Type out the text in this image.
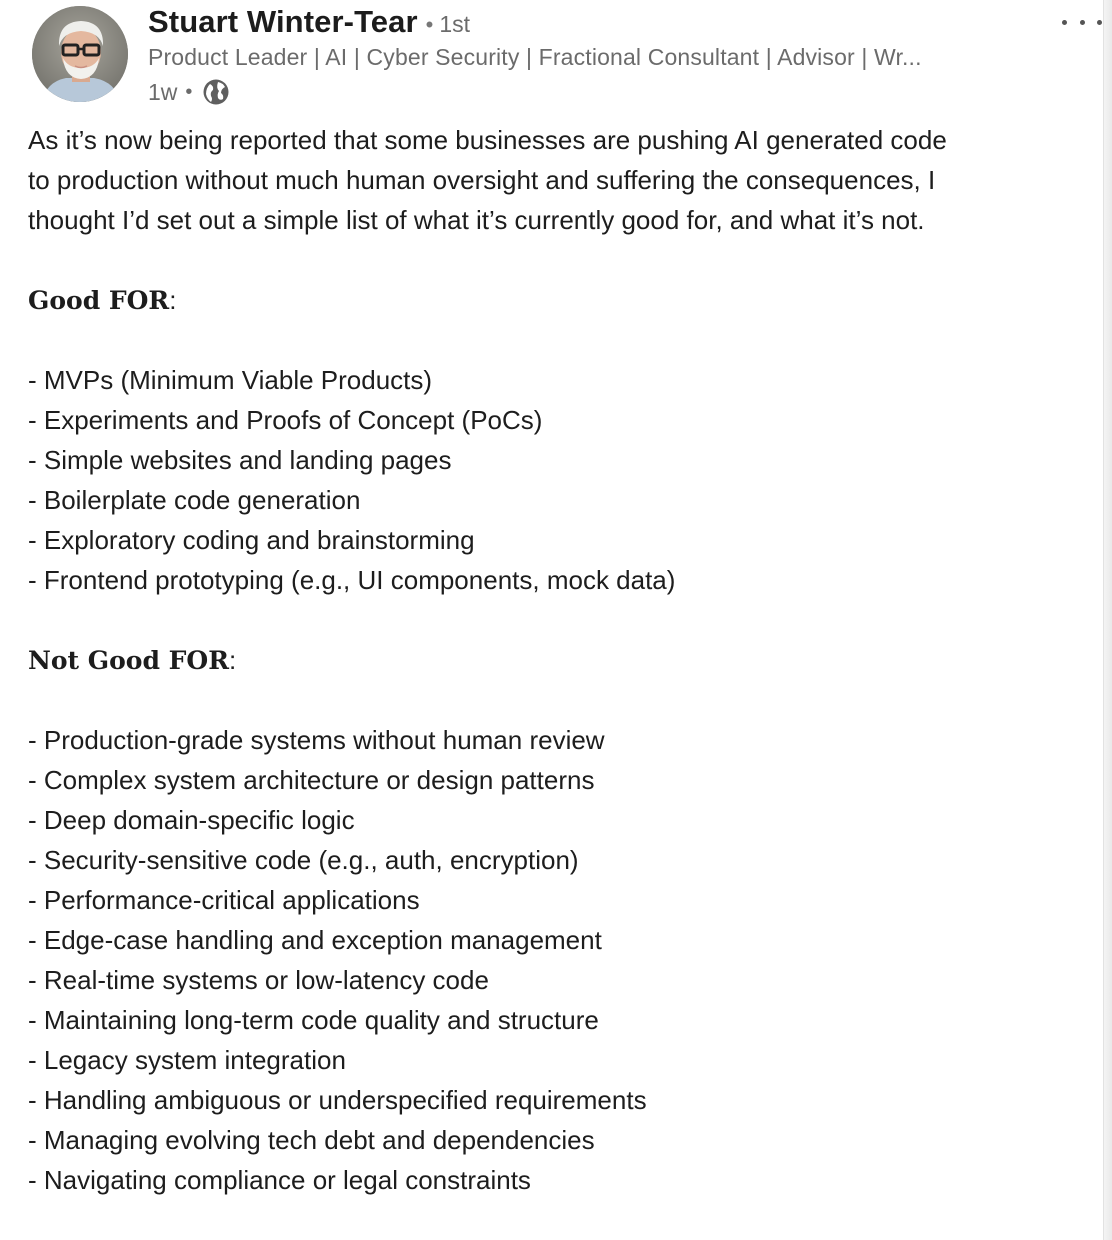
Stuart Winter-Tear • 1st
Product Leader | AI | Cyber Security | Fractional Consultant | Advisor | Wr...
1w •
As it’s now being reported that some businesses are pushing AI generated code
to production without much human oversight and suffering the consequences, I
thought I’d set out a simple list of what it’s currently good for, and what it’s not.
Good FOR:
- MVPs (Minimum Viable Products)
- Experiments and Proofs of Concept (PoCs)
- Simple websites and landing pages
- Boilerplate code generation
- Exploratory coding and brainstorming
- Frontend prototyping (e.g., UI components, mock data)
Not Good FOR:
- Production-grade systems without human review
- Complex system architecture or design patterns
- Deep domain-specific logic
- Security-sensitive code (e.g., auth, encryption)
- Performance-critical applications
- Edge-case handling and exception management
- Real-time systems or low-latency code
- Maintaining long-term code quality and structure
- Legacy system integration
- Handling ambiguous or underspecified requirements
- Managing evolving tech debt and dependencies
- Navigating compliance or legal constraints
